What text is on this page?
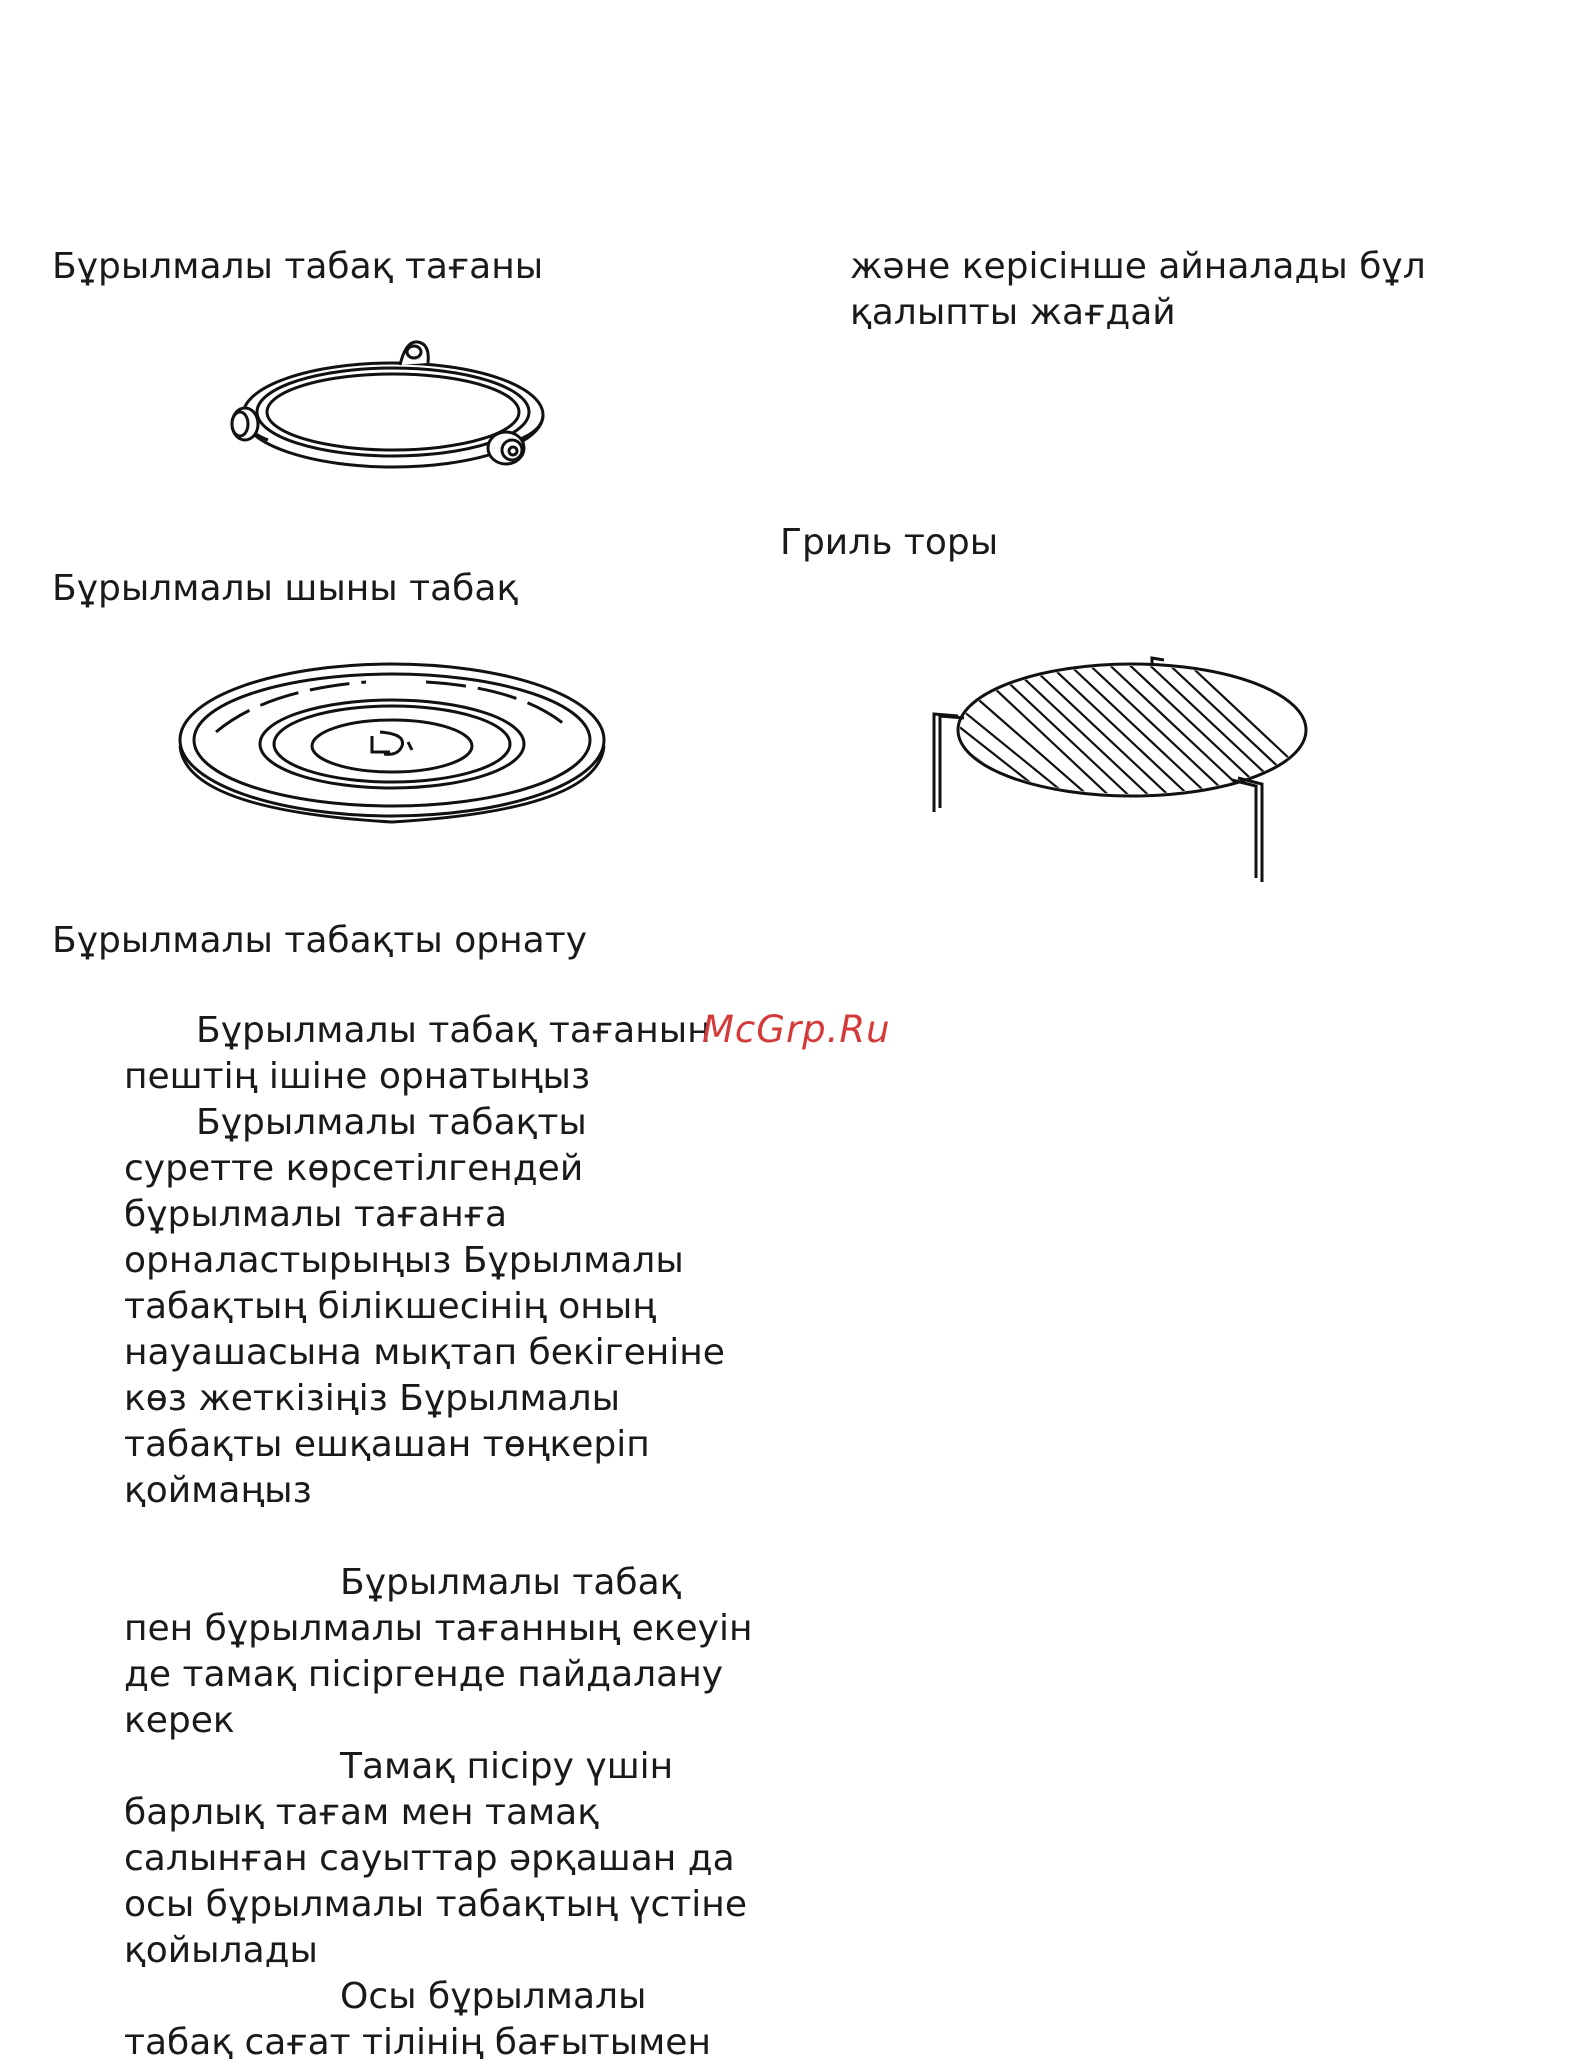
Бұрылмалы табақ тағаны
Бұрылмалы шыны табақ
Гриль торы
Бұрылмалы табақты орнату
және керісінше айналады бұл
қалыпты жағдай
Бұрылмалы табақ тағанын
McGrp.Ru
пештің ішіне орнатыңыз
Бұрылмалы табақты
суретте көрсетілгендей
бұрылмалы тағанға
орналастырыңыз Бұрылмалы
табақтың білікшесінің оның
науашасына мықтап бекігеніне
көз жеткізіңіз Бұрылмалы
табақты ешқашан төңкеріп
қоймаңыз
Бұрылмалы табақ
пен бұрылмалы тағанның екеуін
де тамақ пісіргенде пайдалану
керек
Тамақ пісіру үшін
барлық тағам мен тамақ
салынған сауыттар әрқашан да
осы бұрылмалы табақтың үстіне
қойылады
Осы бұрылмалы
табақ сағат тілінің бағытымен
